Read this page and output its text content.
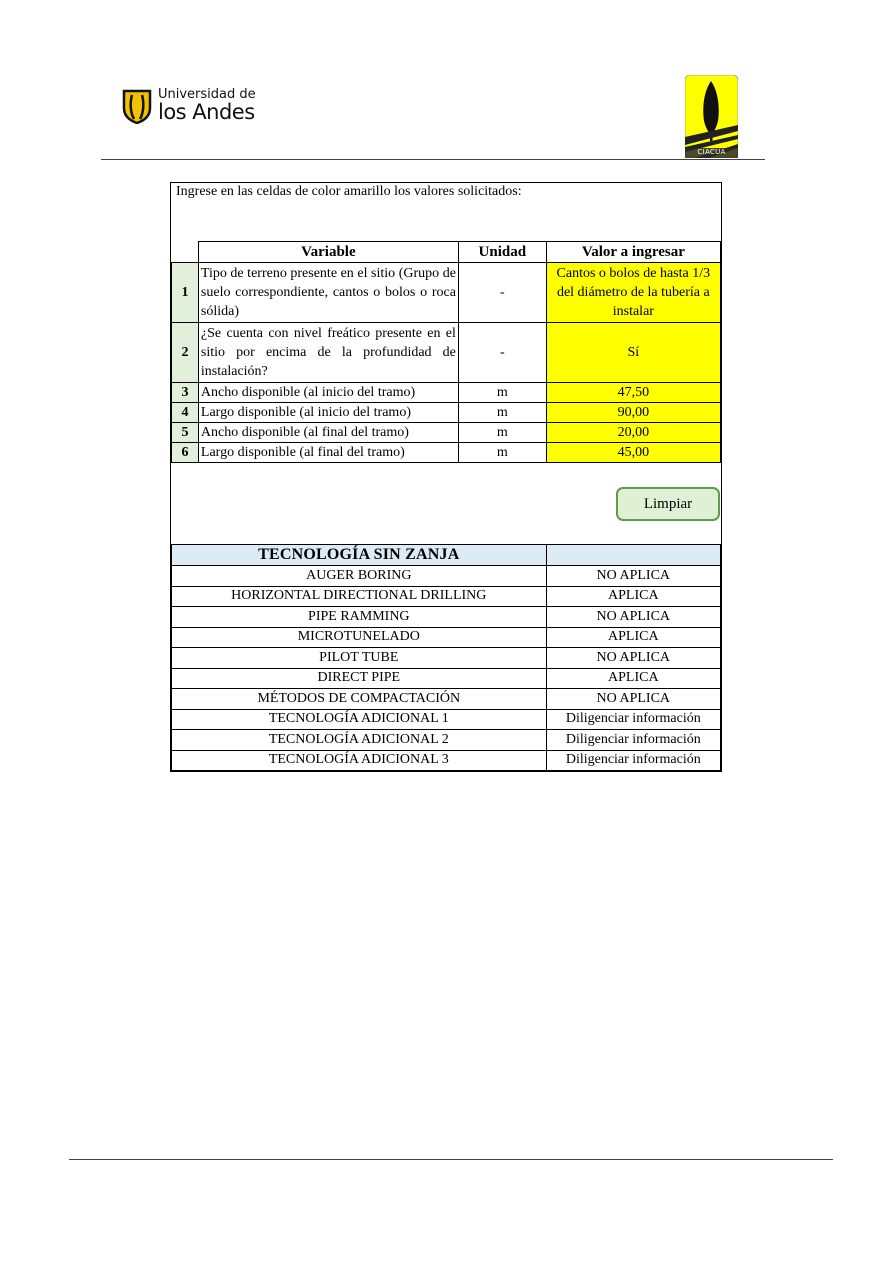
Universidad de
los Andes
CIACUA
Ingrese en las celdas de color amarillo los valores solicitados:
	Variable	Unidad	Valor a ingresar
1	Tipo de terreno presente en el sitio (Grupo de suelo correspondiente, cantos o bolos o roca sólida)	-	Cantos o bolos de hasta 1/3 del diámetro de la tubería a instalar
2	¿Se cuenta con nivel freático presente en el sitio por encima de la profundidad de instalación?	-	Sí
3	Ancho disponible (al inicio del tramo)	m	47,50
4	Largo disponible (al inicio del tramo)	m	90,00
5	Ancho disponible (al final del tramo)	m	20,00
6	Largo disponible (al final del tramo)	m	45,00
Limpiar
TECNOLOGÍA SIN ZANJA	
AUGER BORING	NO APLICA
HORIZONTAL DIRECTIONAL DRILLING	APLICA
PIPE RAMMING	NO APLICA
MICROTUNELADO	APLICA
PILOT TUBE	NO APLICA
DIRECT PIPE	APLICA
MÉTODOS DE COMPACTACIÓN	NO APLICA
TECNOLOGÍA ADICIONAL 1	Diligenciar información
TECNOLOGÍA ADICIONAL 2	Diligenciar información
TECNOLOGÍA ADICIONAL 3	Diligenciar información
